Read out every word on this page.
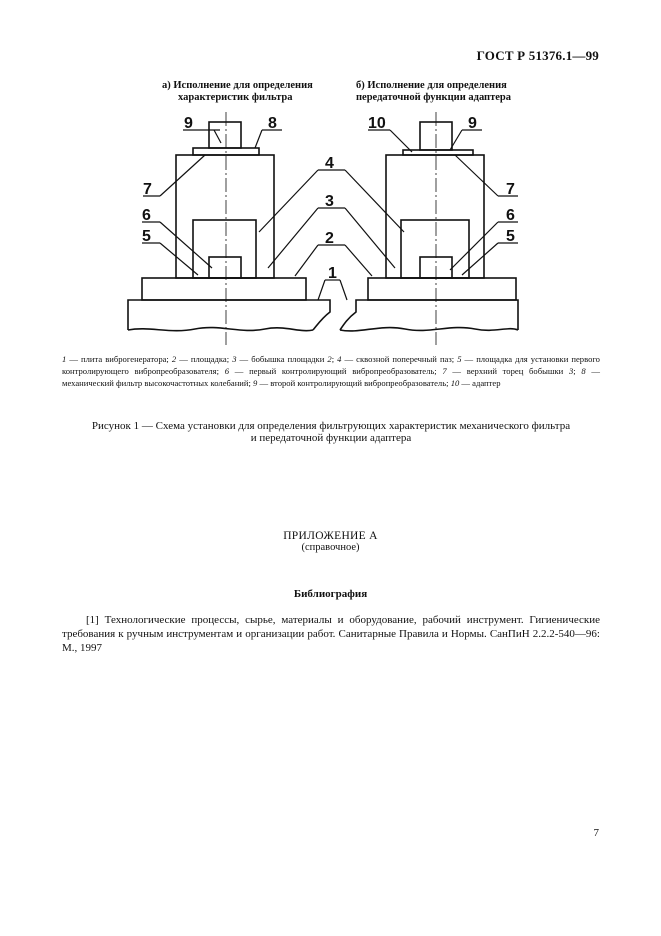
ГОСТ Р 51376.1—99
а) Исполнение для определения
характеристик фильтра
б) Исполнение для определения
передаточной функции адаптера
9	8
7
6
5
10	9
7
6
5
4
3
2
1
1 — плита виброгенератора; 2 — площадка; 3 — бобышка площадки 2; 4 — сквозной поперечный паз; 5 — площадка для установки первого контролирующего вибропреобразователя; 6 — первый контролирующий вибропреобразователь; 7 — верхний торец бобышки 3; 8 — механический фильтр высокочастотных колебаний; 9 — второй контролирующий вибропреобразователь; 10 — адаптер
Рисунок 1 — Схема установки для определения фильтрующих характеристик механического фильтра
и передаточной функции адаптера
ПРИЛОЖЕНИЕ А
(справочное)
Библиография
[1] Технологические процессы, сырье, материалы и оборудование, рабочий инструмент. Гигиенические требования к ручным инструментам и организации работ. Санитарные Правила и Нормы. СанПиН 2.2.2-540—96: М., 1997
7
